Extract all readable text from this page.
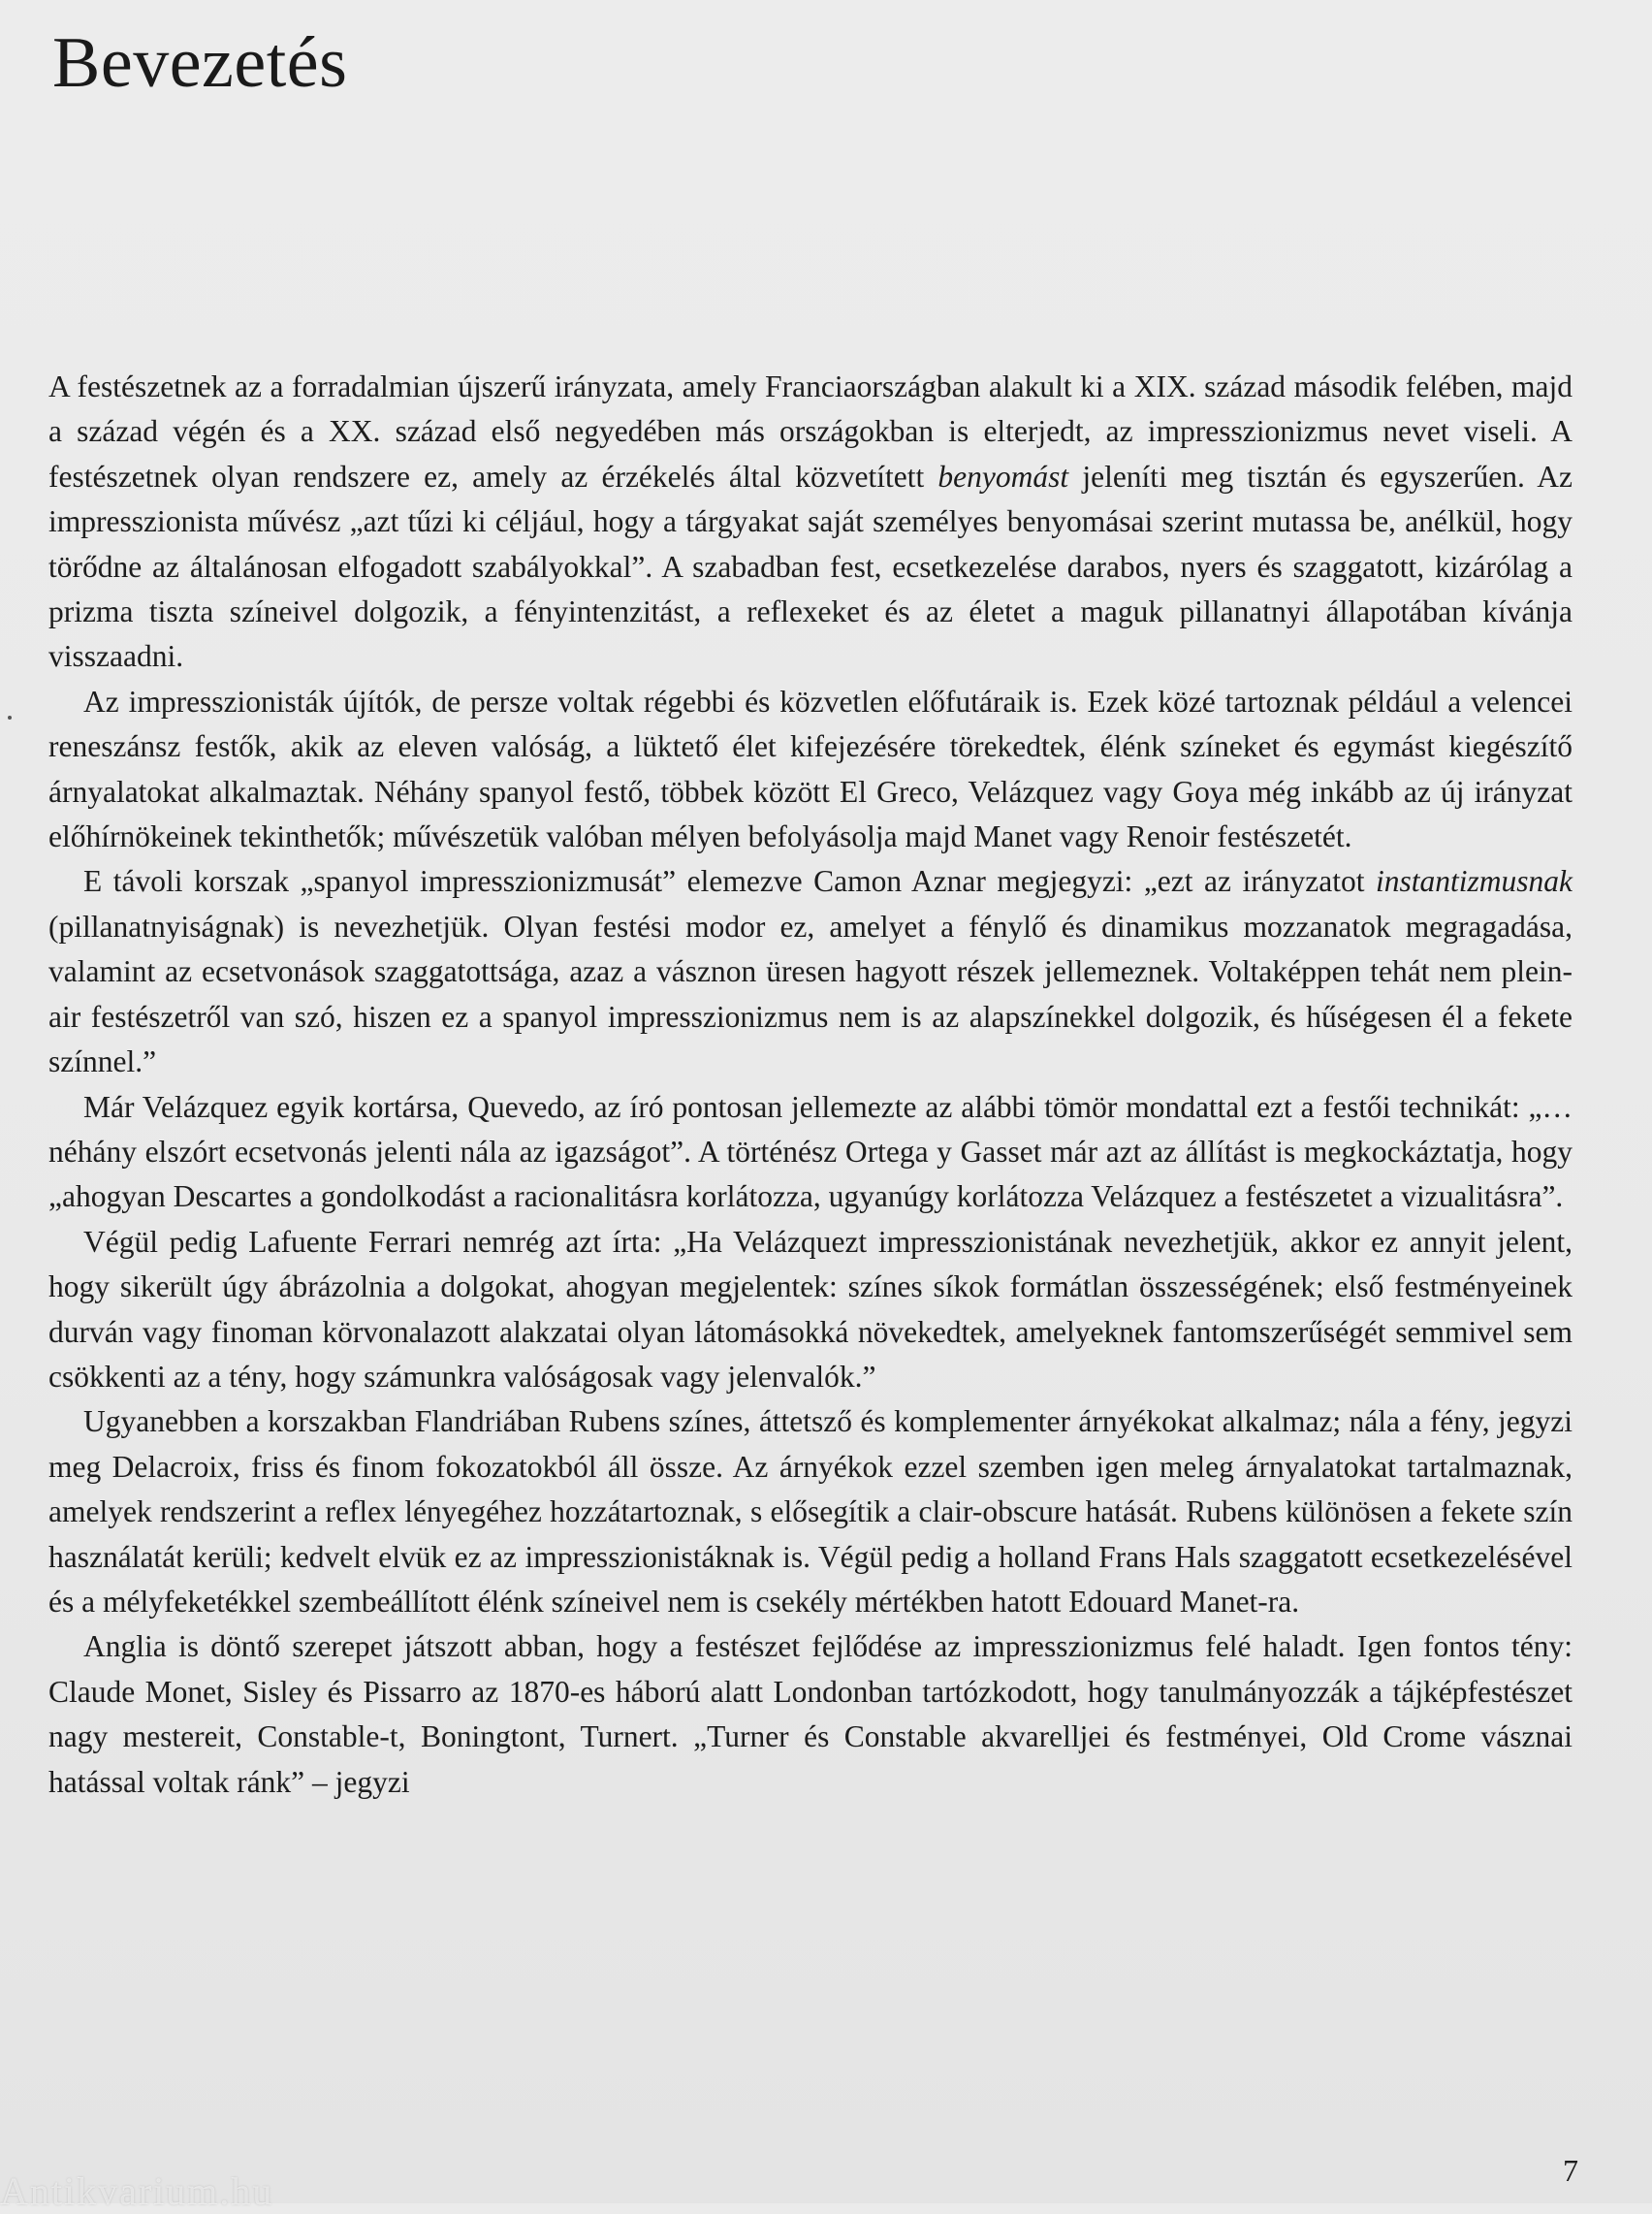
Bevezetés

A festészetnek az a forradalmian újszerű irányzata, amely Franciaországban alakult ki a XIX. század második felében, majd a század végén és a XX. század első negyedében más országokban is elterjedt, az impresszionizmus nevet viseli. A festészetnek olyan rendszere ez, amely az érzékelés által közvetített benyomást jeleníti meg tisztán és egyszerűen. Az impresszionista művész „azt tűzi ki céljául, hogy a tárgyakat saját személyes benyomásai szerint mutassa be, anélkül, hogy törődne az általánosan elfogadott szabályokkal”. A szabadban fest, ecsetkezelése darabos, nyers és szaggatott, kizárólag a prizma tiszta színeivel dolgozik, a fényintenzitást, a reflexeket és az életet a maguk pillanatnyi állapotában kívánja visszaadni.

Az impresszionisták újítók, de persze voltak régebbi és közvetlen előfutáraik is. Ezek közé tartoznak például a velencei reneszánsz festők, akik az eleven valóság, a lüktető élet kifejezésére törekedtek, élénk színeket és egymást kiegészítő árnyalatokat alkalmaztak. Néhány spanyol festő, többek között El Greco, Velázquez vagy Goya még inkább az új irányzat előhírnökeinek tekinthetők; művészetük valóban mélyen befolyásolja majd Manet vagy Renoir festészetét.

E távoli korszak „spanyol impresszionizmusát” elemezve Camon Aznar megjegyzi: „ezt az irányzatot instantizmusnak (pillanatnyiságnak) is nevezhetjük. Olyan festési modor ez, amelyet a fénylő és dinamikus mozzanatok megragadása, valamint az ecsetvonások szaggatottsága, azaz a vásznon üresen hagyott részek jellemeznek. Voltaképpen tehát nem plein-air festészetről van szó, hiszen ez a spanyol impresszionizmus nem is az alapszínekkel dolgozik, és hűségesen él a fekete színnel.”

Már Velázquez egyik kortársa, Quevedo, az író pontosan jellemezte az alábbi tömör mondattal ezt a festői technikát: „…néhány elszórt ecsetvonás jelenti nála az igazságot”. A történész Ortega y Gasset már azt az állítást is megkockáztatja, hogy „ahogyan Descartes a gondolkodást a racionalitásra korlátozza, ugyanúgy korlátozza Velázquez a festészetet a vizualitásra”.

Végül pedig Lafuente Ferrari nemrég azt írta: „Ha Velázquezt impresszionistának nevezhetjük, akkor ez annyit jelent, hogy sikerült úgy ábrázolnia a dolgokat, ahogyan megjelentek: színes síkok formátlan összességének; első festményeinek durván vagy finoman körvonalazott alakzatai olyan látomásokká növekedtek, amelyeknek fantomszerűségét semmivel sem csökkenti az a tény, hogy számunkra valóságosak vagy jelenvalók.”

Ugyanebben a korszakban Flandriában Rubens színes, áttetsző és komplementer árnyékokat alkalmaz; nála a fény, jegyzi meg Delacroix, friss és finom fokozatokból áll össze. Az árnyékok ezzel szemben igen meleg árnyalatokat tartalmaznak, amelyek rendszerint a reflex lényegéhez hozzátartoznak, s elősegítik a clair-obscure hatását. Rubens különösen a fekete szín használatát kerüli; kedvelt elvük ez az impresszionistáknak is. Végül pedig a holland Frans Hals szaggatott ecsetkezelésével és a mélyfeketékkel szembeállított élénk színeivel nem is csekély mértékben hatott Edouard Manet-ra.

Anglia is döntő szerepet játszott abban, hogy a festészet fejlődése az impresszionizmus felé haladt. Igen fontos tény: Claude Monet, Sisley és Pissarro az 1870-es háború alatt Londonban tartózkodott, hogy tanulmányozzák a tájképfestészet nagy mestereit, Constable-t, Boningtont, Turnert. „Turner és Constable akvarelljei és festményei, Old Crome vásznai hatással voltak ránk” – jegyzi

7
Antikvarium.hu
